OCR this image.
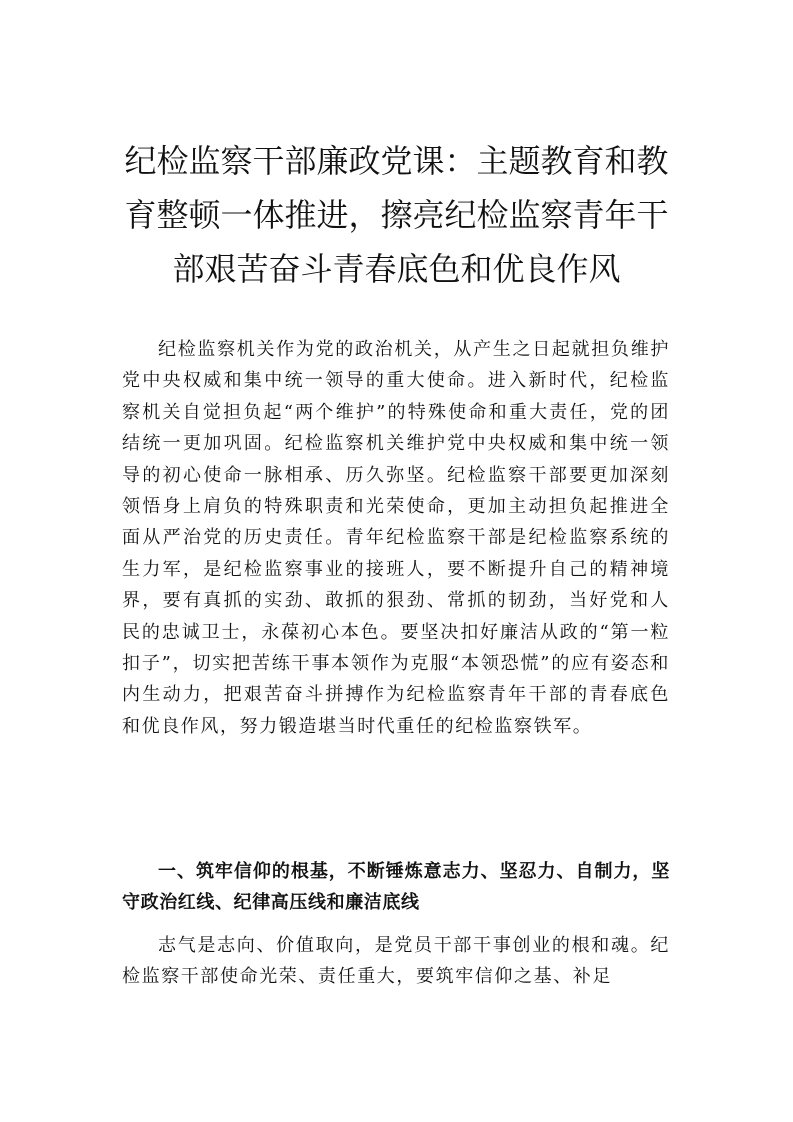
纪检监察干部廉政党课：主题教育和教育整顿一体推进，擦亮纪检监察青年干部艰苦奋斗青春底色和优良作风

纪检监察机关作为党的政治机关，从产生之日起就担负维护党中央权威和集中统一领导的重大使命。进入新时代，纪检监察机关自觉担负起“两个维护”的特殊使命和重大责任，党的团结统一更加巩固。纪检监察机关维护党中央权威和集中统一领导的初心使命一脉相承、历久弥坚。纪检监察干部要更加深刻领悟身上肩负的特殊职责和光荣使命，更加主动担负起推进全面从严治党的历史责任。青年纪检监察干部是纪检监察系统的生力军，是纪检监察事业的接班人，要不断提升自己的精神境界，要有真抓的实劲、敢抓的狠劲、常抓的韧劲，当好党和人民的忠诚卫士，永葆初心本色。要坚决扣好廉洁从政的“第一粒扣子”，切实把苦练干事本领作为克服“本领恐慌”的应有姿态和内生动力，把艰苦奋斗拼搏作为纪检监察青年干部的青春底色和优良作风，努力锻造堪当时代重任的纪检监察铁军。

一、筑牢信仰的根基，不断锤炼意志力、坚忍力、自制力，坚守政治红线、纪律高压线和廉洁底线

志气是志向、价值取向，是党员干部干事创业的根和魂。纪检监察干部使命光荣、责任重大，要筑牢信仰之基、补足
